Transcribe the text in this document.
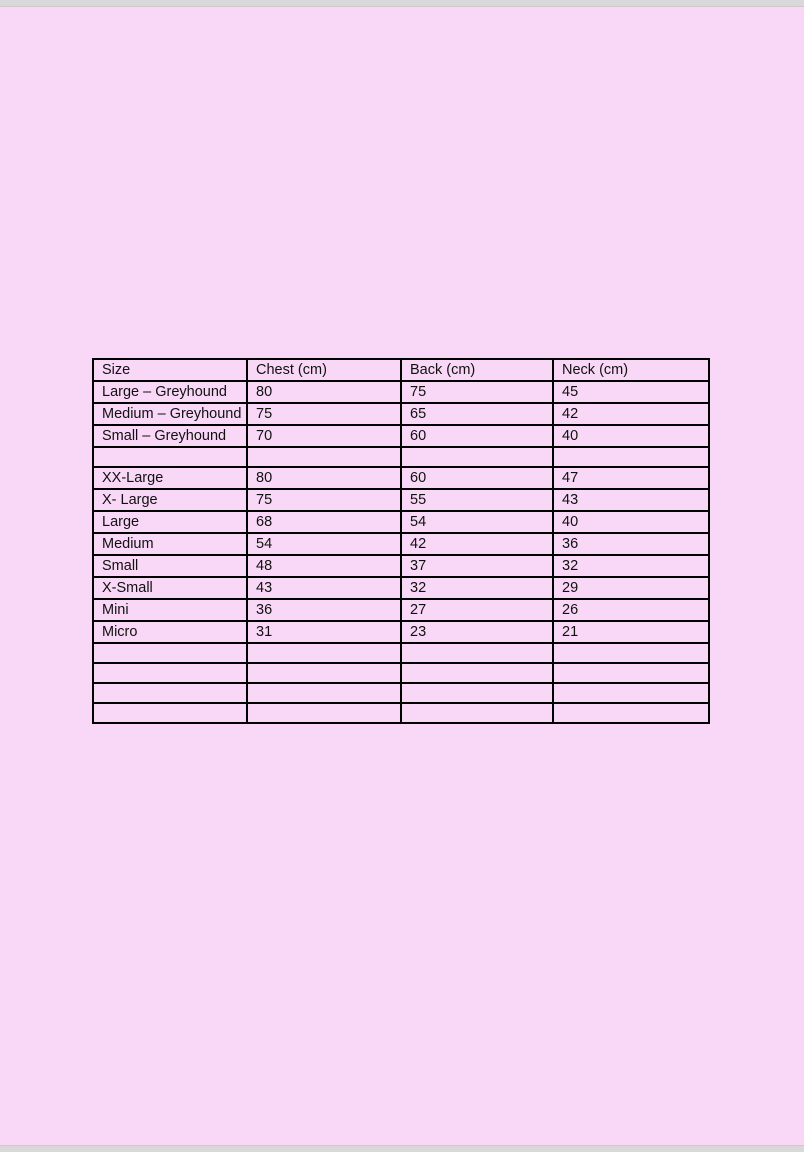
Size	Chest (cm)	Back (cm)	Neck (cm)
Large – Greyhound	80	75	45
Medium – Greyhound	75	65	42
Small – Greyhound	70	60	40

XX-Large	80	60	47
X- Large	75	55	43
Large	68	54	40
Medium	54	42	36
Small	48	37	32
X-Small	43	32	29
Mini	36	27	26
Micro	31	23	21
